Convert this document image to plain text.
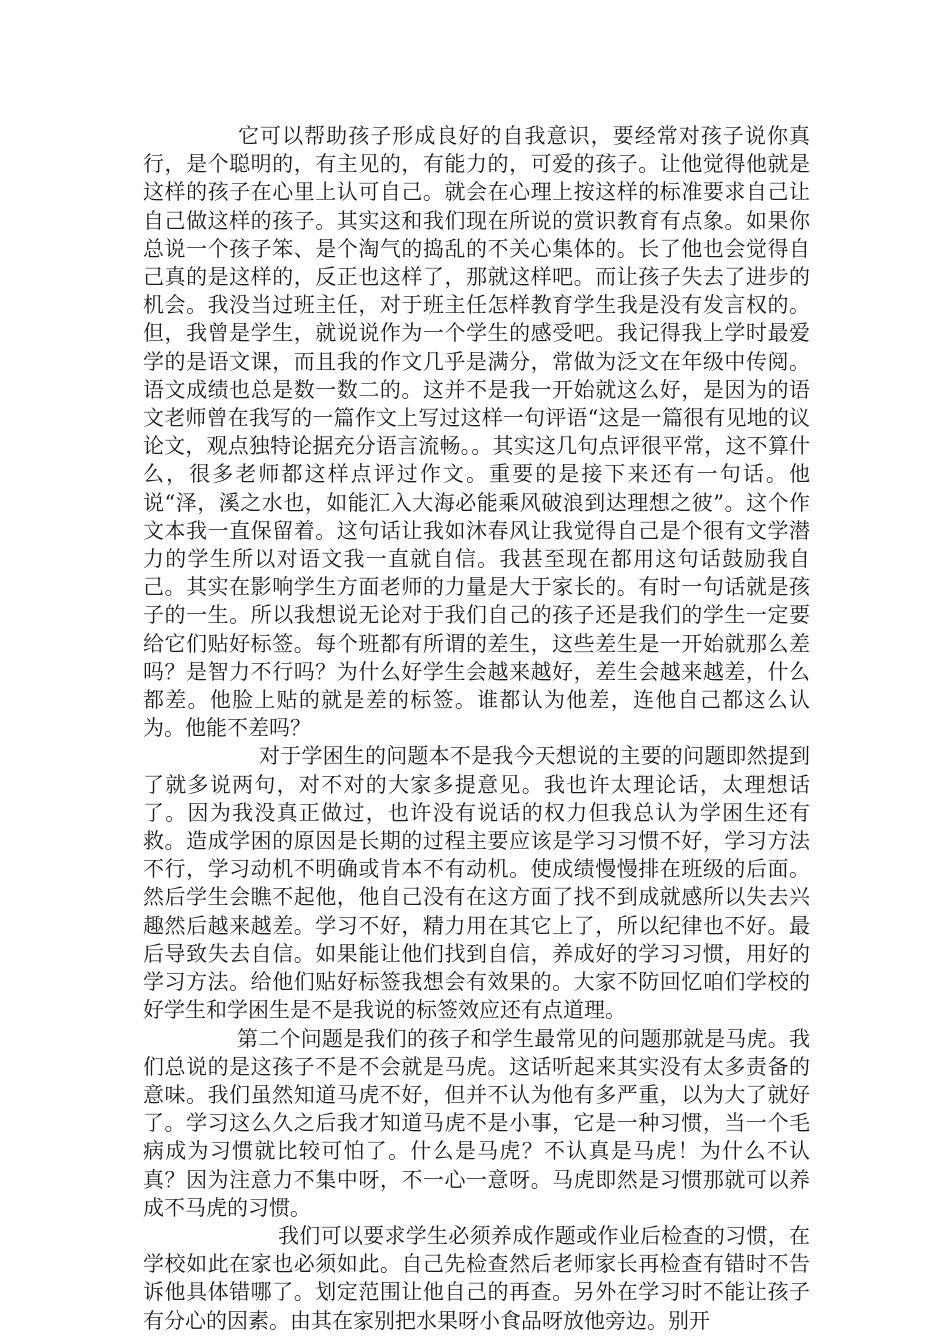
它可以帮助孩子形成良好的自我意识，要经常对孩子说你真行，是个聪明的，有主见的，有能力的，可爱的孩子。让他觉得他就是这样的孩子在心里上认可自己。就会在心理上按这样的标准要求自己让自己做这样的孩子。其实这和我们现在所说的赏识教育有点象。如果你总说一个孩子笨、是个淘气的捣乱的不关心集体的。长了他也会觉得自己真的是这样的，反正也这样了，那就这样吧。而让孩子失去了进步的机会。我没当过班主任，对于班主任怎样教育学生我是没有发言权的。但，我曾是学生，就说说作为一个学生的感受吧。我记得我上学时最爱学的是语文课，而且我的作文几乎是满分，常做为泛文在年级中传阅。语文成绩也总是数一数二的。这并不是我一开始就这么好，是因为的语文老师曾在我写的一篇作文上写过这样一句评语“这是一篇很有见地的议论文，观点独特论据充分语言流畅。。其实这几句点评很平常，这不算什么，很多老师都这样点评过作文。重要的是接下来还有一句话。他说“泽，溪之水也，如能汇入大海必能乘风破浪到达理想之彼”。这个作文本我一直保留着。这句话让我如沐春风让我觉得自己是个很有文学潜力的学生所以对语文我一直就自信。我甚至现在都用这句话鼓励我自己。其实在影响学生方面老师的力量是大于家长的。有时一句话就是孩子的一生。所以我想说无论对于我们自己的孩子还是我们的学生一定要给它们贴好标签。每个班都有所谓的差生，这些差生是一开始就那么差吗？是智力不行吗？为什么好学生会越来越好，差生会越来越差，什么都差。他脸上贴的就是差的标签。谁都认为他差，连他自己都这么认为。他能不差吗？

对于学困生的问题本不是我今天想说的主要的问题即然提到了就多说两句，对不对的大家多提意见。我也许太理论话，太理想话了。因为我没真正做过，也许没有说话的权力但我总认为学困生还有救。造成学困的原因是长期的过程主要应该是学习习惯不好，学习方法不行，学习动机不明确或肯本不有动机。使成绩慢慢排在班级的后面。然后学生会瞧不起他，他自己没有在这方面了找不到成就感所以失去兴趣然后越来越差。学习不好，精力用在其它上了，所以纪律也不好。最后导致失去自信。如果能让他们找到自信，养成好的学习习惯，用好的学习方法。给他们贴好标签我想会有效果的。大家不防回忆咱们学校的好学生和学困生是不是我说的标签效应还有点道理。

第二个问题是我们的孩子和学生最常见的问题那就是马虎。我们总说的是这孩子不是不会就是马虎。这话听起来其实没有太多责备的意味。我们虽然知道马虎不好，但并不认为他有多严重，以为大了就好了。学习这么久之后我才知道马虎不是小事，它是一种习惯，当一个毛病成为习惯就比较可怕了。什么是马虎？不认真是马虎！为什么不认真？因为注意力不集中呀，不一心一意呀。马虎即然是习惯那就可以养成不马虎的习惯。

我们可以要求学生必须养成作题或作业后检查的习惯，在学校如此在家也必须如此。自己先检查然后老师家长再检查有错时不告诉他具体错哪了。划定范围让他自己的再查。另外在学习时不能让孩子有分心的因素。由其在家别把水果呀小食品呀放他旁边。别开
